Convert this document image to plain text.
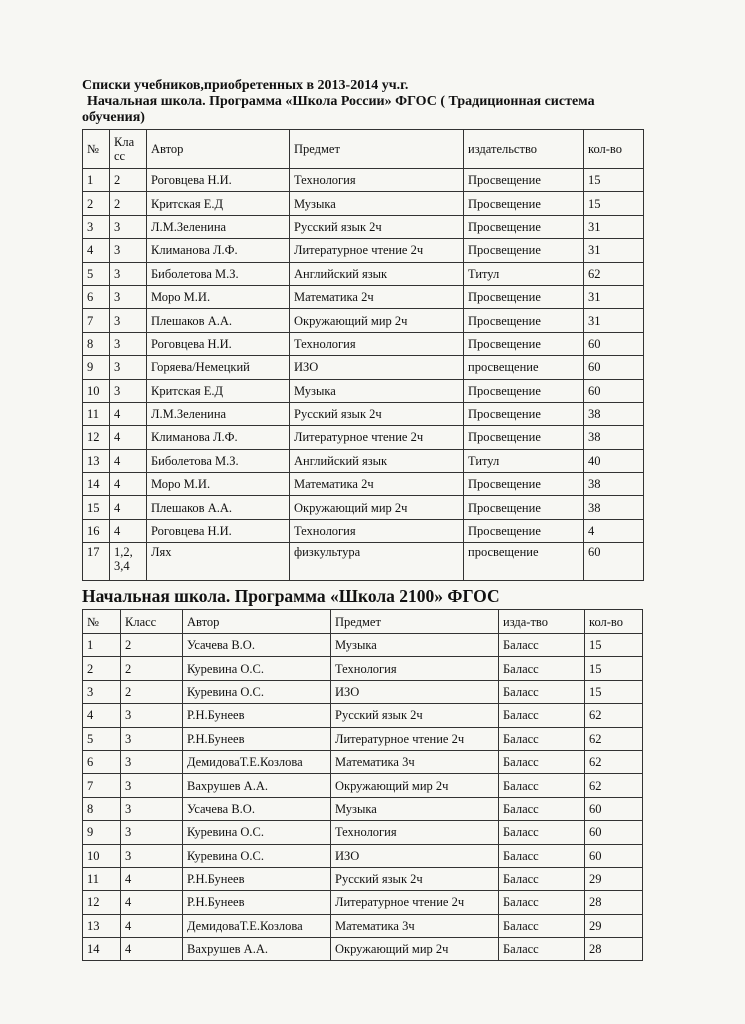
Списки учебников,приобретенных в 2013-2014 уч.г.
Начальная школа. Программа «Школа России» ФГОС ( Традиционная система
обучения)
№	Кла сс	Автор	Предмет	издательство	кол-во
1	2	Роговцева Н.И.	Технология	Просвещение	15
2	2	Критская Е.Д	Музыка	Просвещение	15
3	3	Л.М.Зеленина	Русский язык 2ч	Просвещение	31
4	3	Климанова Л.Ф.	Литературное чтение 2ч	Просвещение	31
5	3	Биболетова М.З.	Английский язык	Титул	62
6	3	Моро М.И.	Математика 2ч	Просвещение	31
7	3	Плешаков А.А.	Окружающий мир 2ч	Просвещение	31
8	3	Роговцева Н.И.	Технология	Просвещение	60
9	3	Горяева/Немецкий	ИЗО	просвещение	60
10	3	Критская Е.Д	Музыка	Просвещение	60
11	4	Л.М.Зеленина	Русский язык 2ч	Просвещение	38
12	4	Климанова Л.Ф.	Литературное чтение 2ч	Просвещение	38
13	4	Биболетова М.З.	Английский язык	Титул	40
14	4	Моро М.И.	Математика 2ч	Просвещение	38
15	4	Плешаков А.А.	Окружающий мир 2ч	Просвещение	38
16	4	Роговцева Н.И.	Технология	Просвещение	4
17	1,2, 3,4	Лях	физкультура	просвещение	60
Начальная школа. Программа «Школа 2100» ФГОС
№	Класс	Автор	Предмет	изда-тво	кол-во
1	2	Усачева В.О.	Музыка	Баласс	15
2	2	Куревина О.С.	Технология	Баласс	15
3	2	Куревина О.С.	ИЗО	Баласс	15
4	3	Р.Н.Бунеев	Русский язык 2ч	Баласс	62
5	3	Р.Н.Бунеев	Литературное чтение 2ч	Баласс	62
6	3	ДемидоваТ.Е.Козлова	Математика 3ч	Баласс	62
7	3	Вахрушев А.А.	Окружающий мир 2ч	Баласс	62
8	3	Усачева В.О.	Музыка	Баласс	60
9	3	Куревина О.С.	Технология	Баласс	60
10	3	Куревина О.С.	ИЗО	Баласс	60
11	4	Р.Н.Бунеев	Русский язык 2ч	Баласс	29
12	4	Р.Н.Бунеев	Литературное чтение 2ч	Баласс	28
13	4	ДемидоваТ.Е.Козлова	Математика 3ч	Баласс	29
14	4	Вахрушев А.А.	Окружающий мир 2ч	Баласс	28
